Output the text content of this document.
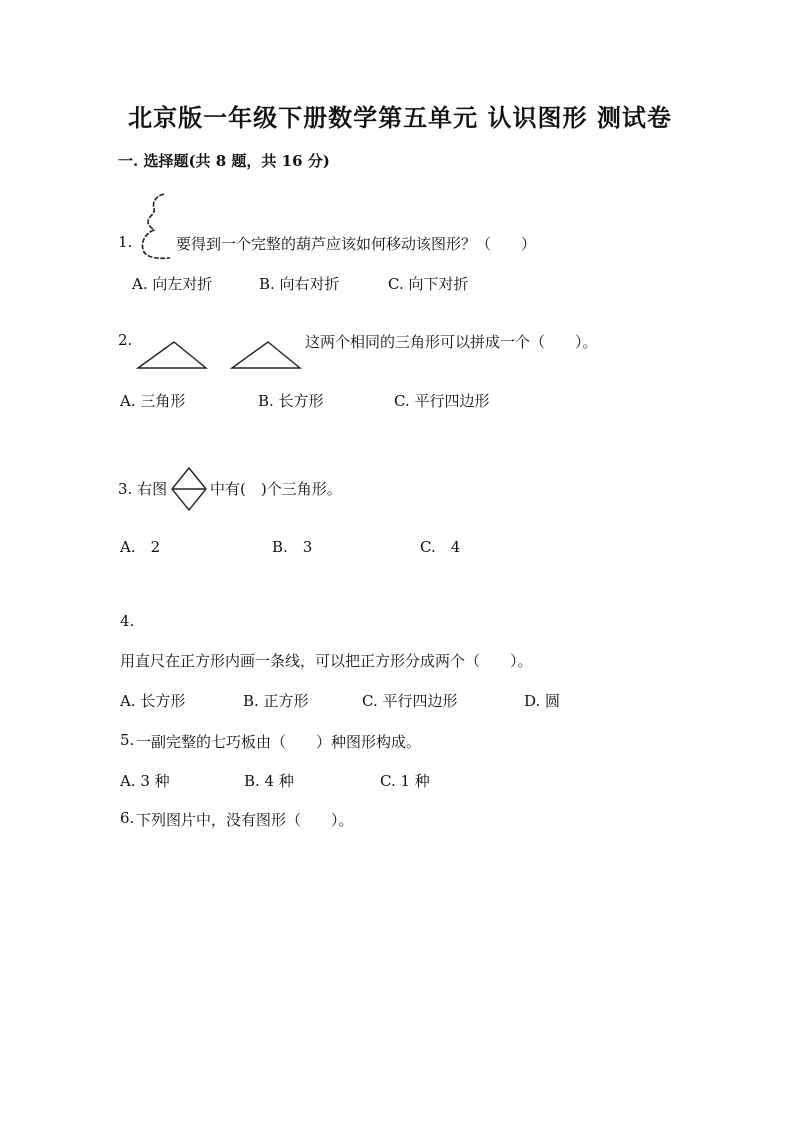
北京版一年级下册数学第五单元 认识图形 测试卷
一. 选择题(共 8 题，共 16 分)
1.	要得到一个完整的葫芦应该如何移动该图形？（　　）
A. 向左对折	B. 向右对折	C. 向下对折
2.	这两个相同的三角形可以拼成一个（　　）。
A. 三角形	B. 长方形	C. 平行四边形
3. 右图	中有(　)个三角形。
A.　2	B.　3	C.　4
4.
用直尺在正方形内画一条线，可以把正方形分成两个（　　）。
A. 长方形	B. 正方形	C. 平行四边形	D. 圆
5. 一副完整的七巧板由（　　）种图形构成。
A. 3 种	B. 4 种	C. 1 种
6. 下列图片中，没有图形（　　）。
